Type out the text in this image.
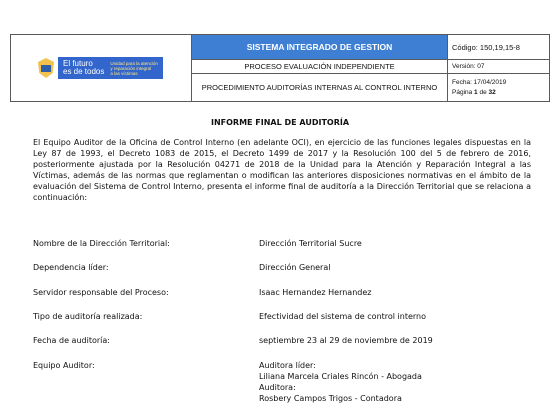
El futuro
es de todos
Unidad para la atención
y reparación integral
a las víctimas	SISTEMA INTEGRADO DE GESTION	Código: 150,19,15-8
	PROCESO EVALUACIÓN INDEPENDIENTE	Versión: 07
	PROCEDIMIENTO AUDITORÍAS INTERNAS AL CONTROL INTERNO	Fecha: 17/04/2019
Página 1 de 32
INFORME FINAL DE AUDITORÍA

El Equipo Auditor de la Oficina de Control Interno (en adelante OCI), en ejercicio de las funciones legales dispuestas en la Ley 87 de 1993, el Decreto 1083 de 2015, el Decreto 1499 de 2017 y la Resolución 100 del 5 de febrero de 2016, posteriormente ajustada por la Resolución 04271 de 2018 de la Unidad para la Atención y Reparación Integral a las Víctimas, además de las normas que reglamentan o modifican las anteriores disposiciones normativas en el ámbito de la evaluación del Sistema de Control Interno, presenta el informe final de auditoría a la Dirección Territorial que se relaciona a continuación:

Nombre de la Dirección Territorial:	Dirección Territorial Sucre
Dependencia líder:	Dirección General
Servidor responsable del Proceso:	Isaac Hernandez Hernandez
Tipo de auditoría realizada:	Efectividad del sistema de control interno
Fecha de auditoría:	septiembre 23 al 29 de noviembre de 2019
Equipo Auditor:	Auditora líder:
Liliana Marcela Criales Rincón - Abogada
Auditora:
Rosbery Campos Trigos - Contadora
